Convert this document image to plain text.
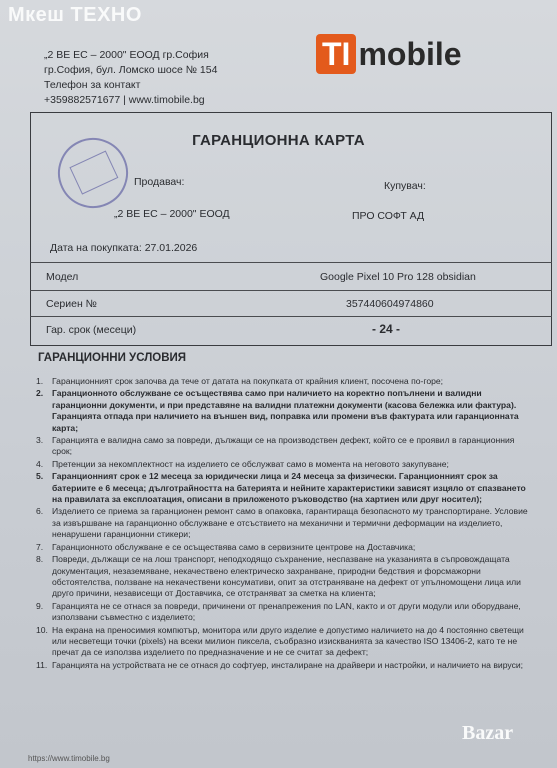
Мкеш ТЕХНО
„2 ВЕ ЕС – 2000" ЕООД гр.София
гр.София, бул. Ломско шосе № 154
Телефон за контакт
+359882571677 | www.timobile.bg
TI mobile
ГАРАНЦИОННА КАРТА
Продавач:
„2 ВЕ ЕС – 2000" ЕООД
Купувач:
ПРО СОФТ АД
Дата на покупката: 27.01.2026
Модел	Google Pixel 10 Pro 128 obsidian
Сериен №	357440604974860
Гар. срок (месеци)	- 24 -
ГАРАНЦИОННИ УСЛОВИЯ
1. Гаранционният срок започва да тече от датата на покупката от крайния клиент, посочена по-горе;
2. Гаранционното обслужване се осъществява само при наличието на коректно попълнени и валидни гаранционни документи, и при представяне на валидни платежни документи (касова бележка или фактура). Гаранцията отпада при наличието на външен вид, поправка или промени във фактурата или гаранционната карта;
3. Гаранцията е валидна само за повреди, дължащи се на производствен дефект, който се е проявил в гаранционния срок;
4. Претенции за некомплектност на изделието се обслужват само в момента на неговото закупуване;
5. Гаранционният срок е 12 месеца за юридически лица и 24 месеца за физически. Гаранционният срок за батериите е 6 месеца; дълготрайността на батерията и нейните характеристики зависят изцяло от спазването на правилата за експлоатация, описани в приложеното ръководство (на хартиен или друг носител);
6. Изделието се приема за гаранционен ремонт само в опаковка, гарантираща безопасното му транспортиране. Условие за извършване на гаранционно обслужване е отсъствието на механични и термични деформации на изделието, ненарушени гаранционни стикери;
7. Гаранционното обслужване е се осъществява само в сервизните центрове на Доставчика;
8. Повреди, дължащи се на лош транспорт, неподходящо съхранение, неспазване на указанията в съпровождащата документация, незаземяване, некачествено електрическо захранване, природни бедствия и форсмажорни обстоятелства, ползване на некачествени консумативи, опит за отстраняване на дефект от упълномощени лица или друго причини, независещи от Доставчика, се отстраняват за сметка на клиента;
9. Гаранцията не се отнася за повреди, причинени от пренапрежения по LAN, както и от други модули или оборудване, използвани съвместно с изделието;
10. На екрана на преносимия компютър, монитора или друго изделие е допустимо наличието на до 4 постоянно светещи или несветещи точки (pixels) на всеки милион пиксела, съобразно изискванията за качество ISO 13406-2, като те не пречат да се използва изделието по предназначение и не се считат за дефект;
11. Гаранцията на устройствата не се отнася до софтуер, инсталиране на драйвери и настройки, и наличието на вируси;
https://www.timobile.bg
Bazar
